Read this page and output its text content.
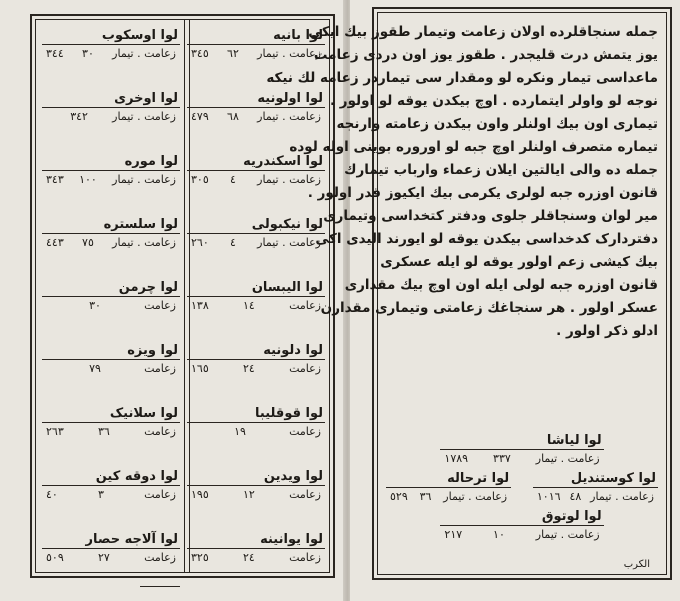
لوا بانیه
زعامت . تیمار
٦٢
٣٤٥
لوا اولونیه
زعامت . تیمار
٦٨
٤٧٩
لوا اسکندریه
زعامت . تیمار
٤
٣٠٥
لوا نیکبولی
زعامت . تیمار
٤
٢٦٠
لوا الیبسان
زعامت
١٤
١٣٨
لوا دلونیه
زعامت
٢٤
١٦٥
لوا قوقلیبا
زعامت
١٩
لوا ویدین
زعامت
١٢
١٩٥
لوا یوانینه
زعامت
٢٤
٣٢٥
لوا اوسکوب
زعامت . تیمار
٣٠
٣٤٤
لوا اوخری
زعامت . تیمار
٣٤٢
لوا موره
زعامت . تیمار
١٠٠
٣٤٣
لوا سلستره
زعامت . تیمار
٧٥
٤٤٣
لوا چرمن
زعامت
٣٠
لوا ویزه
زعامت
٧٩
لوا سلانیک
زعامت
٣٦
٢٦٣
لوا دوقه کین
زعامت
٣
٤٠
لوا آلاجه حصار
زعامت
٢٧
٥٠٩

جمله سنجاقلرده اولان زعامت وتیمار طقوز بیك ایکی

یوز یتمش درت قلیجدر . طقوز یوز اون دردی زعامت

ماعداسی تیمار ونکره لو ومقدار سی تیماردر زعامه لك نیكه

نوجه لو واولر ایتمارده . اوچ بیكدن یوقه لو اولور .

تیماری اون بیك اولنلر واون بیكدن زعامته وارنجه

تیماره متصرف اولنلر اوچ جبه لو اوروره بوینی اوله لوده

جمله ده والی ایالتین ایلان زعماء وارباب تیمارك

قانون اوزره جبه لولری یکرمی بیك ایکیوز قدر اولور .

میر لوان وسنجاقلر جلوی ودفتر کتخداسی وتیماری

دفتردارک کدخداسی بیکدن یوقه لو ایورند الیدی اکی

بیك کیشی زعم اولور یوقه لو ایله عسکری

قانون اوزره جبه لولی ایله اون اوچ بیك مقداری

عسکر اولور . هر سنجاغك زعامتی وتیماری مقدارن

ادلو ذکر اولور .

لوا لیاشا
زعامت . تیمار
٣٣٧
١٧٨٩
لوا کوستندیل
زعامت . تیمار
٤٨
١٠١٦
لوا ترحاله
زعامت . تیمار
٣٦
٥٢٩
لوا لوتوق
زعامت . تیمار
١٠
٢١٧
الکرب
